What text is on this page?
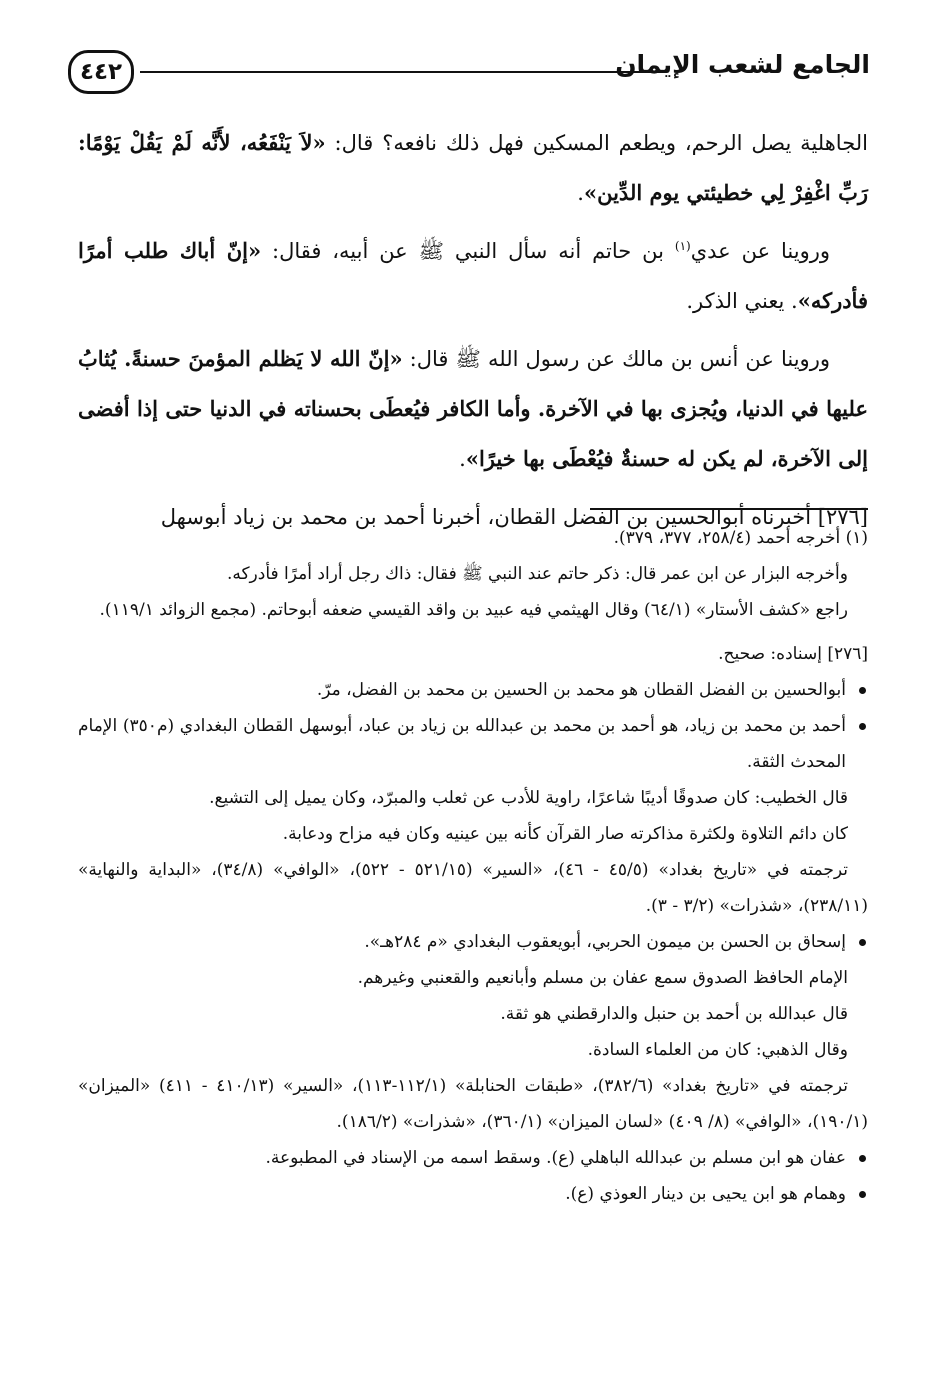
٤٤٢	الجامع لشعب الإيمان

الجاهلية يصل الرحم، ويطعم المسكين فهل ذلك نافعه؟ قال: «لاَ يَنْفَعُه، لأَنَّه لَمْ يَقُلْ يَوْمًا: رَبِّ اغْفِرْ لِي خطيئتي يوم الدِّين».

وروينا عن عدي$^{(١)}$ بن حاتم أنه سأل النبي ﷺ عن أبيه، فقال: «إنّ أباك طلب أمرًا فأدركه». يعني الذكر.

وروينا عن أنس بن مالك عن رسول الله ﷺ قال: «إنّ الله لا يَظلم المؤمنَ حسنةً. يُثابُ عليها في الدنيا، ويُجزى بها في الآخرة. وأما الكافر فيُعطَى بحسناته في الدنيا حتى إذا أفضى إلى الآخرة، لم يكن له حسنةٌ فيُعْطَى بها خيرًا».

[٢٧٦] أخبرناه أبوالحسين بن الفضل القطان، أخبرنا أحمد بن محمد بن زياد أبوسهل

(١) أخرجه أحمد (٢٥٨/٤، ٣٧٧، ٣٧٩).

وأخرجه البزار عن ابن عمر قال: ذكر حاتم عند النبي ﷺ فقال: ذاك رجل أراد أمرًا فأدركه.

راجع «كشف الأستار» (٦٤/١) وقال الهيثمي فيه عبيد بن واقد القيسي ضعفه أبوحاتم. (مجمع الزوائد ١١٩/١).

[٢٧٦] إسناده: صحيح.

أبوالحسين بن الفضل القطان هو محمد بن الحسين بن محمد بن الفضل، مرّ.

أحمد بن محمد بن زياد، هو أحمد بن محمد بن عبدالله بن زياد بن عباد، أبوسهل القطان البغدادي (م٣٥٠) الإمام المحدث الثقة.

قال الخطيب: كان صدوقًا أديبًا شاعرًا، راوية للأدب عن ثعلب والمبرّد، وكان يميل إلى التشيع.

كان دائم التلاوة ولكثرة مذاكرته صار القرآن كأنه بين عينيه وكان فيه مزاح ودعابة.

ترجمته في «تاريخ بغداد» (٤٥/٥ - ٤٦)، «السير» (٥٢١/١٥ - ٥٢٢)، «الوافي» (٣٤/٨)، «البداية والنهاية» (٢٣٨/١١)، «شذرات» (٣/٢ - ٣).

إسحاق بن الحسن بن ميمون الحربي، أبويعقوب البغدادي «م ٢٨٤هـ».

الإمام الحافظ الصدوق سمع عفان بن مسلم وأبانعيم والقعنبي وغيرهم.

قال عبدالله بن أحمد بن حنبل والدارقطني هو ثقة.

وقال الذهبي: كان من العلماء السادة.

ترجمته في «تاريخ بغداد» (٣٨٢/٦)، «طبقات الحنابلة» (١١٢/١-١١٣)، «السير» (٤١٠/١٣ - ٤١١) «الميزان» (١٩٠/١)، «الوافي» (٨/ ٤٠٩) «لسان الميزان» (٣٦٠/١)، «شذرات» (١٨٦/٢).

عفان هو ابن مسلم بن عبدالله الباهلي (ع). وسقط اسمه من الإسناد في المطبوعة.

وهمام هو ابن يحيى بن دينار العوذي (ع).
